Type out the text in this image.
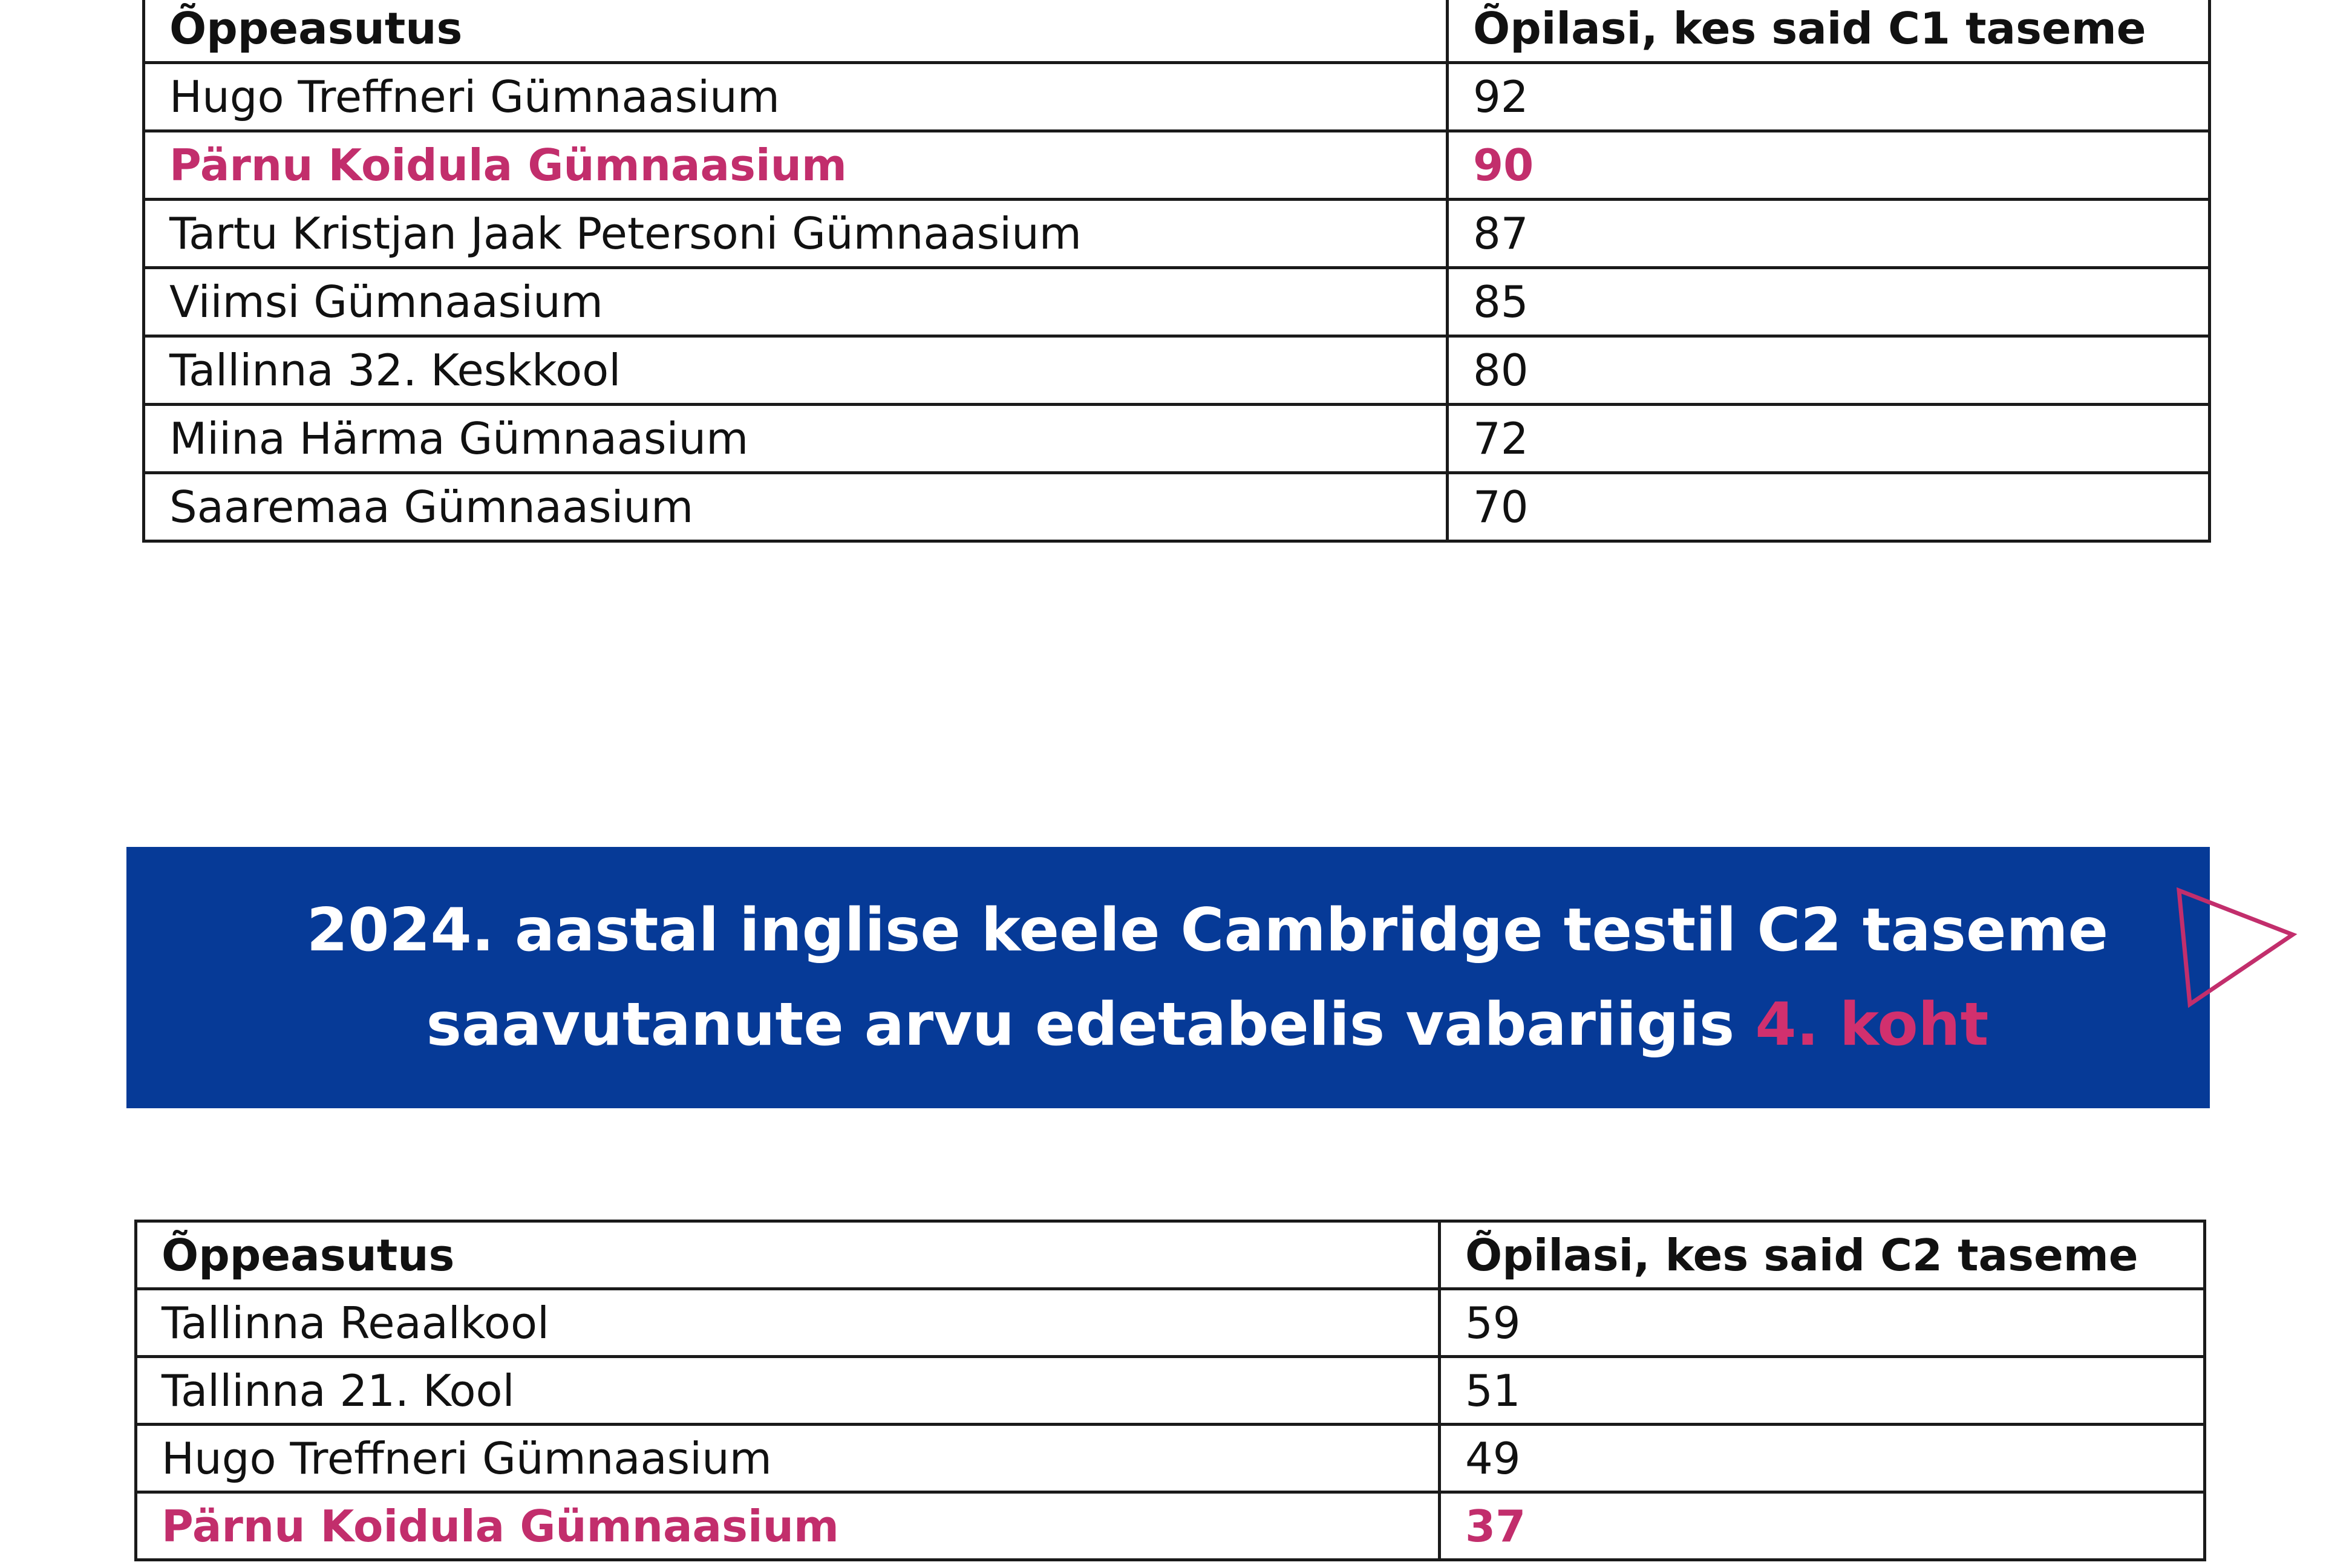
Õppeasutus	Õpilasi, kes said C1 taseme
Hugo Treffneri Gümnaasium	92
Pärnu Koidula Gümnaasium	90
Tartu Kristjan Jaak Petersoni Gümnaasium	87
Viimsi Gümnaasium	85
Tallinna 32. Keskkool	80
Miina Härma Gümnaasium	72
Saaremaa Gümnaasium	70
2024. aastal inglise keele Cambridge testil C2 taseme
saavutanute arvu edetabelis vabariigis 4. koht
Õppeasutus	Õpilasi, kes said C2 taseme
Tallinna Reaalkool	59
Tallinna 21. Kool	51
Hugo Treffneri Gümnaasium	49
Pärnu Koidula Gümnaasium	37
